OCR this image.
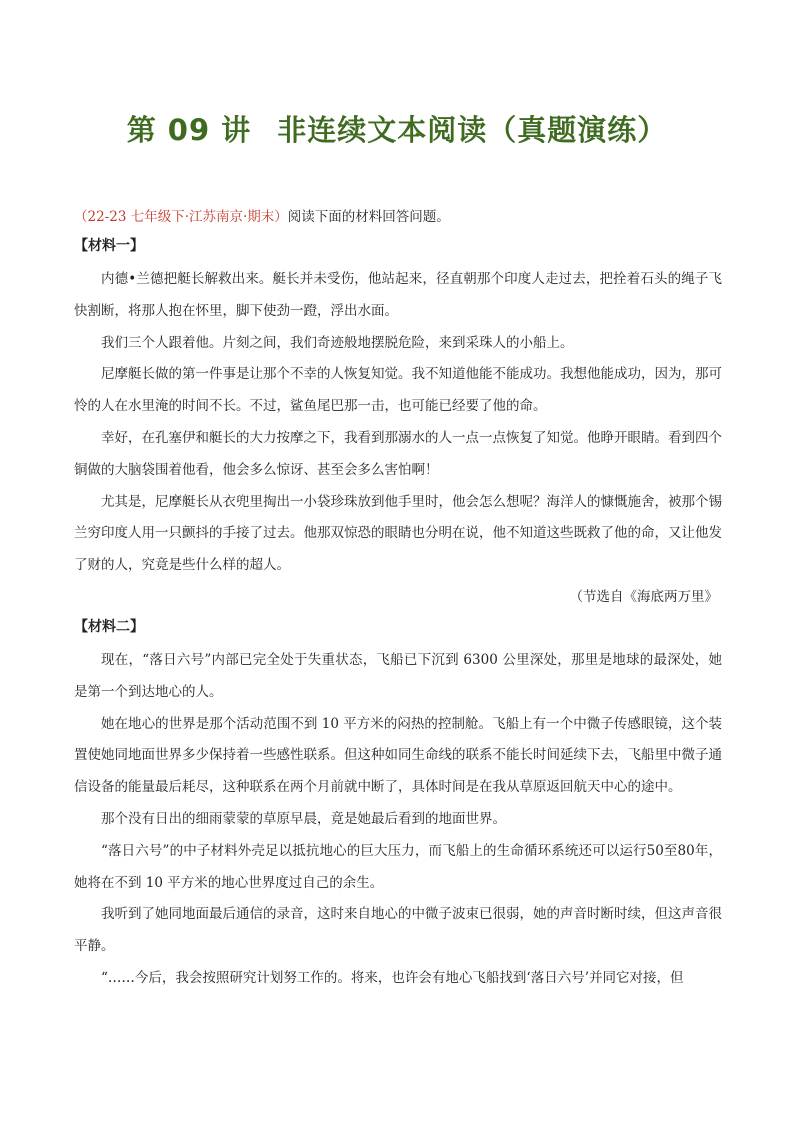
第 09 讲 非连续文本阅读（真题演练）

（22-23 七年级下·江苏南京·期末）阅读下面的材料回答问题。

【材料一】

内德•兰德把艇长解救出来。艇长并未受伤，他站起来，径直朝那个印度人走过去，把拴着石头的绳子飞快割断，将那人抱在怀里，脚下使劲一蹬，浮出水面。

我们三个人跟着他。片刻之间，我们奇迹般地摆脱危险，来到采珠人的小船上。

尼摩艇长做的第一件事是让那个不幸的人恢复知觉。我不知道他能不能成功。我想他能成功，因为，那可怜的人在水里淹的时间不长。不过，鲨鱼尾巴那一击，也可能已经要了他的命。

幸好，在孔塞伊和艇长的大力按摩之下，我看到那溺水的人一点一点恢复了知觉。他睁开眼睛。看到四个铜做的大脑袋围着他看，他会多么惊讶、甚至会多么害怕啊！

尤其是，尼摩艇长从衣兜里掏出一小袋珍珠放到他手里时，他会怎么想呢？海洋人的慷慨施舍，被那个锡兰穷印度人用一只颤抖的手接了过去。他那双惊恐的眼睛也分明在说，他不知道这些既救了他的命，又让他发了财的人，究竟是些什么样的超人。

（节选自《海底两万里》
【材料二】

现在，“落日六号”内部已完全处于失重状态，飞船已下沉到 6300 公里深处，那里是地球的最深处，她是第一个到达地心的人。

她在地心的世界是那个活动范围不到 10 平方米的闷热的控制舱。飞船上有一个中微子传感眼镜，这个装置使她同地面世界多少保持着一些感性联系。但这种如同生命线的联系不能长时间延续下去，飞船里中微子通信设备的能量最后耗尽，这种联系在两个月前就中断了，具体时间是在我从草原返回航天中心的途中。

那个没有日出的细雨蒙蒙的草原早晨，竟是她最后看到的地面世界。

“落日六号”的中子材料外壳足以抵抗地心的巨大压力，而飞船上的生命循环系统还可以运行50至80年，她将在不到 10 平方米的地心世界度过自己的余生。

我听到了她同地面最后通信的录音，这时来自地心的中微子波束已很弱，她的声音时断时续，但这声音很平静。

“……今后，我会按照研究计划努工作的。将来，也许会有地心飞船找到‘落日六号’并同它对接，但
